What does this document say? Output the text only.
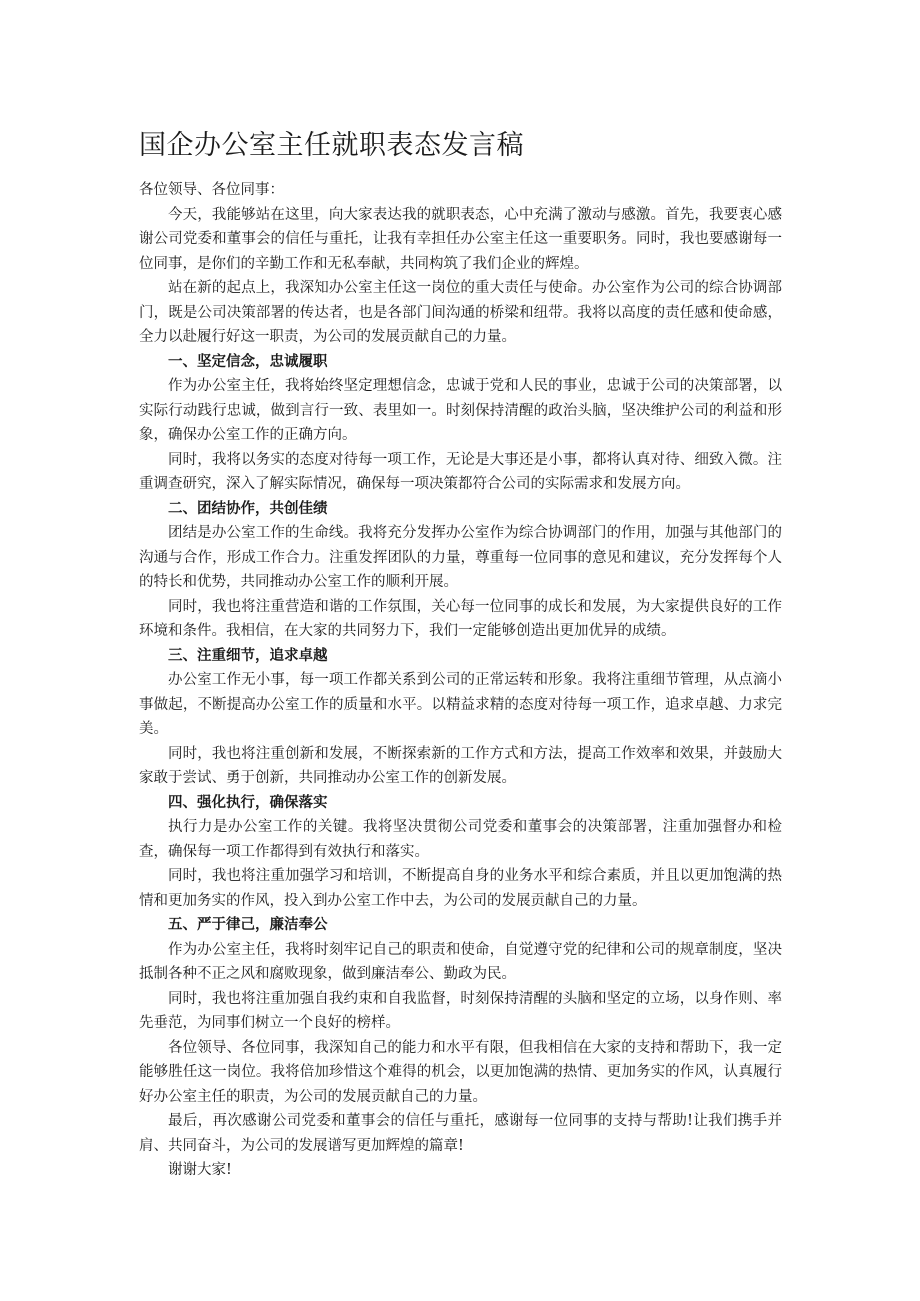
国企办公室主任就职表态发言稿

各位领导、各位同事：

今天，我能够站在这里，向大家表达我的就职表态，心中充满了激动与感激。首先，我要衷心感谢公司党委和董事会的信任与重托，让我有幸担任办公室主任这一重要职务。同时，我也要感谢每一位同事，是你们的辛勤工作和无私奉献，共同构筑了我们企业的辉煌。

站在新的起点上，我深知办公室主任这一岗位的重大责任与使命。办公室作为公司的综合协调部门，既是公司决策部署的传达者，也是各部门间沟通的桥梁和纽带。我将以高度的责任感和使命感，全力以赴履行好这一职责，为公司的发展贡献自己的力量。

一、坚定信念，忠诚履职

作为办公室主任，我将始终坚定理想信念，忠诚于党和人民的事业，忠诚于公司的决策部署，以实际行动践行忠诚，做到言行一致、表里如一。时刻保持清醒的政治头脑，坚决维护公司的利益和形象，确保办公室工作的正确方向。

同时，我将以务实的态度对待每一项工作，无论是大事还是小事，都将认真对待、细致入微。注重调查研究，深入了解实际情况，确保每一项决策都符合公司的实际需求和发展方向。

二、团结协作，共创佳绩

团结是办公室工作的生命线。我将充分发挥办公室作为综合协调部门的作用，加强与其他部门的沟通与合作，形成工作合力。注重发挥团队的力量，尊重每一位同事的意见和建议，充分发挥每个人的特长和优势，共同推动办公室工作的顺利开展。

同时，我也将注重营造和谐的工作氛围，关心每一位同事的成长和发展，为大家提供良好的工作环境和条件。我相信，在大家的共同努力下，我们一定能够创造出更加优异的成绩。

三、注重细节，追求卓越

办公室工作无小事，每一项工作都关系到公司的正常运转和形象。我将注重细节管理，从点滴小事做起，不断提高办公室工作的质量和水平。以精益求精的态度对待每一项工作，追求卓越、力求完美。

同时，我也将注重创新和发展，不断探索新的工作方式和方法，提高工作效率和效果，并鼓励大家敢于尝试、勇于创新，共同推动办公室工作的创新发展。

四、强化执行，确保落实

执行力是办公室工作的关键。我将坚决贯彻公司党委和董事会的决策部署，注重加强督办和检查，确保每一项工作都得到有效执行和落实。

同时，我也将注重加强学习和培训，不断提高自身的业务水平和综合素质，并且以更加饱满的热情和更加务实的作风，投入到办公室工作中去，为公司的发展贡献自己的力量。

五、严于律己，廉洁奉公

作为办公室主任，我将时刻牢记自己的职责和使命，自觉遵守党的纪律和公司的规章制度，坚决抵制各种不正之风和腐败现象，做到廉洁奉公、勤政为民。

同时，我也将注重加强自我约束和自我监督，时刻保持清醒的头脑和坚定的立场，以身作则、率先垂范，为同事们树立一个良好的榜样。

各位领导、各位同事，我深知自己的能力和水平有限，但我相信在大家的支持和帮助下，我一定能够胜任这一岗位。我将倍加珍惜这个难得的机会，以更加饱满的热情、更加务实的作风，认真履行好办公室主任的职责，为公司的发展贡献自己的力量。

最后，再次感谢公司党委和董事会的信任与重托，感谢每一位同事的支持与帮助!让我们携手并肩、共同奋斗，为公司的发展谱写更加辉煌的篇章!

谢谢大家!
